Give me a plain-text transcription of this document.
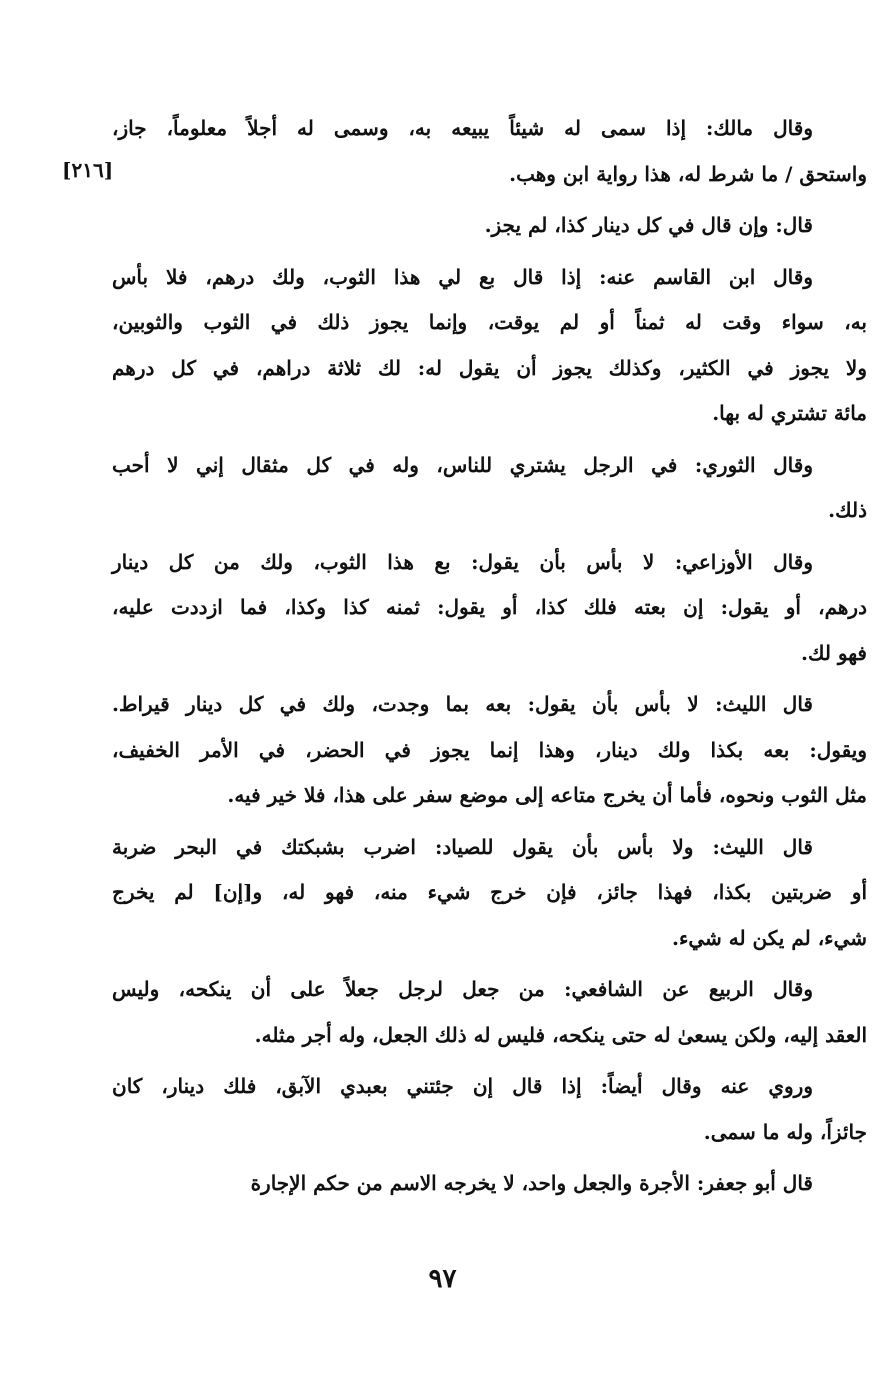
[٢١٦]
وقال مالك: إذا سمى له شيئاً يبيعه به، وسمى له أجلاً معلوماً، جاز،
واستحق / ما شرط له، هذا رواية ابن وهب.
قال: وإن قال في كل دينار كذا، لم يجز.
وقال ابن القاسم عنه: إذا قال بع لي هذا الثوب، ولك درهم، فلا بأس
به، سواء وقت له ثمناً أو لم يوقت، وإنما يجوز ذلك في الثوب والثوبين،
ولا يجوز في الكثير، وكذلك يجوز أن يقول له: لك ثلاثة دراهم، في كل درهم
مائة تشتري له بها.
وقال الثوري: في الرجل يشتري للناس، وله في كل مثقال إني لا أحب
ذلك.
وقال الأوزاعي: لا بأس بأن يقول: بع هذا الثوب، ولك من كل دينار
درهم، أو يقول: إن بعته فلك كذا، أو يقول: ثمنه كذا وكذا، فما ازددت عليه،
فهو لك.
قال الليث: لا بأس بأن يقول: بعه بما وجدت، ولك في كل دينار قيراط.
ويقول: بعه بكذا ولك دينار، وهذا إنما يجوز في الحضر، في الأمر الخفيف،
مثل الثوب ونحوه، فأما أن يخرج متاعه إلى موضع سفر على هذا، فلا خير فيه.
قال الليث: ولا بأس بأن يقول للصياد: اضرب بشبكتك في البحر ضربة
أو ضربتين بكذا، فهذا جائز، فإن خرج شيء منه، فهو له، و[إن] لم يخرج
شيء، لم يكن له شيء.
وقال الربيع عن الشافعي: من جعل لرجل جعلاً على أن ينكحه، وليس
العقد إليه، ولكن يسعىٰ له حتى ينكحه، فليس له ذلك الجعل، وله أجر مثله.
وروي عنه وقال أيضاً: إذا قال إن جئتني بعبدي الآبق، فلك دينار، كان
جائزاً، وله ما سمى.
قال أبو جعفر: الأجرة والجعل واحد، لا يخرجه الاسم من حكم الإجارة
٩٧
